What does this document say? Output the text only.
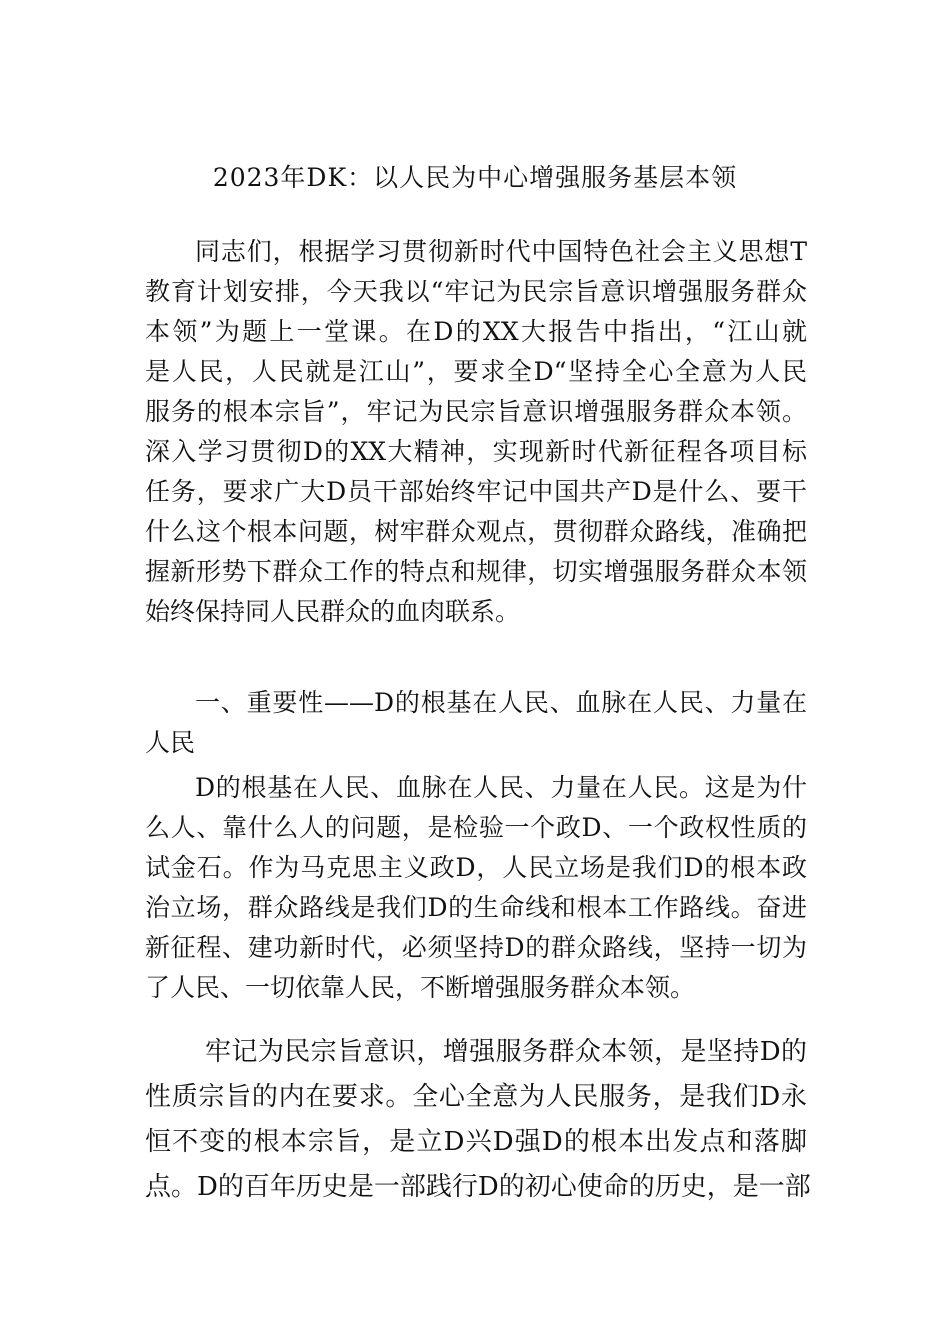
2023年DK：以人民为中心增强服务基层本领
同志们，根据学习贯彻新时代中国特色社会主义思想T
教育计划安排，今天我以“牢记为民宗旨意识增强服务群众
本领”为题上一堂课。在D的XX大报告中指出，“江山就
是人民，人民就是江山”，要求全D“坚持全心全意为人民
服务的根本宗旨”，牢记为民宗旨意识增强服务群众本领。
深入学习贯彻D的XX大精神，实现新时代新征程各项目标
任务，要求广大D员干部始终牢记中国共产D是什么、要干
什么这个根本问题，树牢群众观点，贯彻群众路线，准确把
握新形势下群众工作的特点和规律，切实增强服务群众本领
始终保持同人民群众的血肉联系。
一、重要性——D的根基在人民、血脉在人民、力量在
人民
D的根基在人民、血脉在人民、力量在人民。这是为什
么人、靠什么人的问题，是检验一个政D、一个政权性质的
试金石。作为马克思主义政D，人民立场是我们D的根本政
治立场，群众路线是我们D的生命线和根本工作路线。奋进
新征程、建功新时代，必须坚持D的群众路线，坚持一切为
了人民、一切依靠人民，不断增强服务群众本领。
牢记为民宗旨意识，增强服务群众本领，是坚持D的
性质宗旨的内在要求。全心全意为人民服务，是我们D永
恒不变的根本宗旨，是立D兴D强D的根本出发点和落脚
点。D的百年历史是一部践行D的初心使命的历史，是一部
